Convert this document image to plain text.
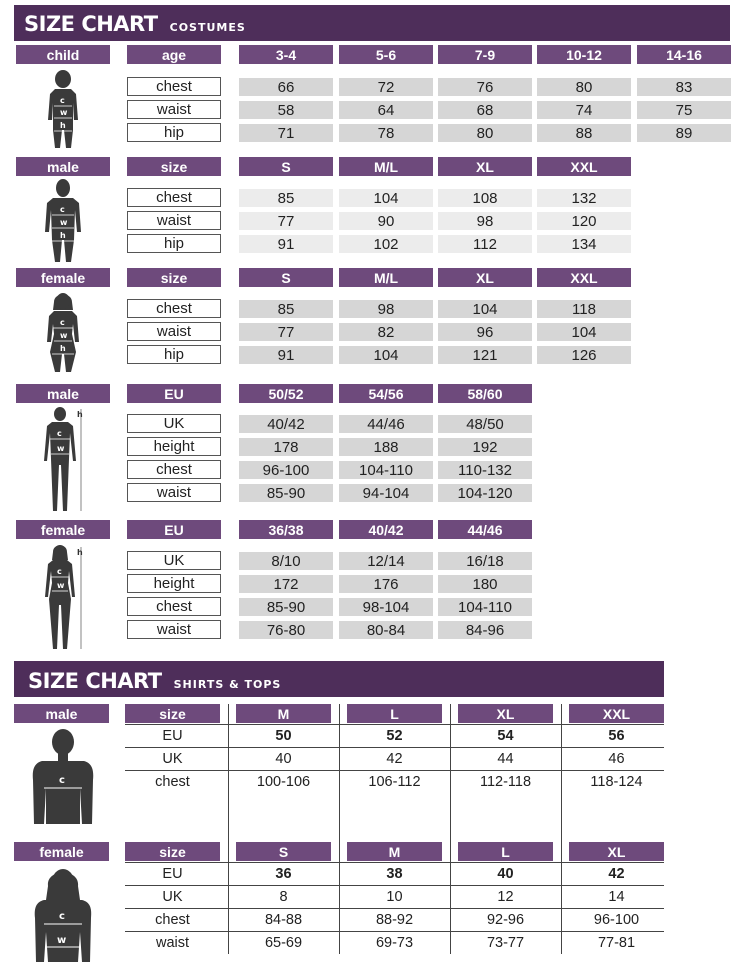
SIZE CHART COSTUMES
child	age	3-4	5-6	7-9	10-12	14-16
chest	66	72	76	80	83
waist	58	64	68	74	75
hip	71	78	80	88	89
c
w
h
male	size	S	M/L	XL	XXL
chest	85	104	108	132
waist	77	90	98	120
hip	91	102	112	134
c
w
h
female	size	S	M/L	XL	XXL
chest	85	98	104	118
waist	77	82	96	104
hip	91	104	121	126
c
w
h
male	EU	50/52	54/56	58/60
UK	40/42	44/46	48/50
height	178	188	192
chest	96-100	104-110	110-132
waist	85-90	94-104	104-120
c
w
h
female	EU	36/38	40/42	44/46
UK	8/10	12/14	16/18
height	172	176	180
chest	85-90	98-104	104-110
waist	76-80	80-84	84-96
c
w
h
SIZE CHART SHIRTS & TOPS
male	size	M	L	XL	XXL
EU	50	52	54	56
UK	40	42	44	46
chest	100-106	106-112	112-118	118-124
c
female	size	S	M	L	XL
EU	36	38	40	42
UK	8	10	12	14
chest	84-88	88-92	92-96	96-100
waist	65-69	69-73	73-77	77-81
c
w
